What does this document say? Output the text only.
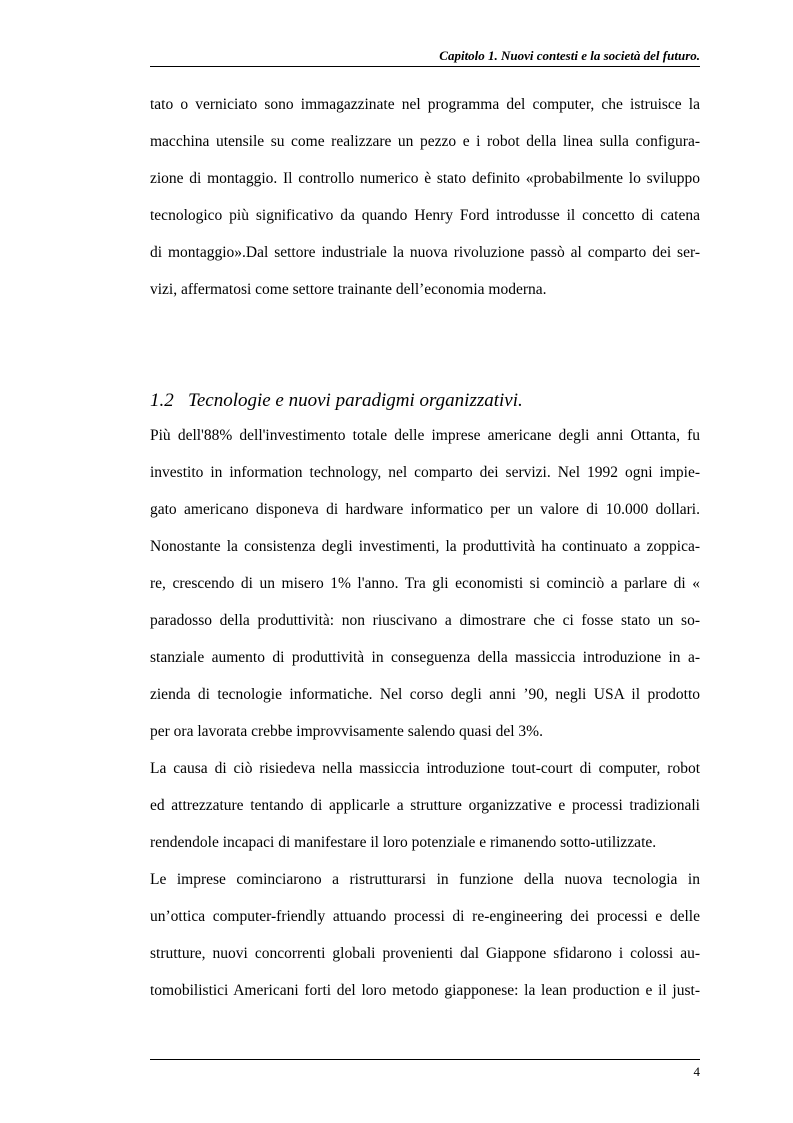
Capitolo 1. Nuovi contesti e la società del futuro.
tato o verniciato sono immagazzinate nel programma del computer, che istruisce la
macchina utensile su come realizzare un pezzo e i robot della linea sulla configura-
zione di montaggio. Il controllo numerico è stato definito «probabilmente lo sviluppo
tecnologico più significativo da quando Henry Ford introdusse il concetto di catena
di montaggio».Dal settore industriale la nuova rivoluzione passò al comparto dei ser-
vizi, affermatosi come settore trainante dell’economia moderna.
1.2 Tecnologie e nuovi paradigmi organizzativi.
Più dell'88% dell'investimento totale delle imprese americane degli anni Ottanta, fu
investito in information technology, nel comparto dei servizi. Nel 1992 ogni impie-
gato americano disponeva di hardware informatico per un valore di 10.000 dollari.
Nonostante la consistenza degli investimenti, la produttività ha continuato a zoppica-
re, crescendo di un misero 1% l'anno. Tra gli economisti si cominciò a parlare di «
paradosso della produttività: non riuscivano a dimostrare che ci fosse stato un so-
stanziale aumento di produttività in conseguenza della massiccia introduzione in a-
zienda di tecnologie informatiche. Nel corso degli anni ’90, negli USA il prodotto
per ora lavorata crebbe improvvisamente salendo quasi del 3%.
La causa di ciò risiedeva nella massiccia introduzione tout-court di computer, robot
ed attrezzature tentando di applicarle a strutture organizzative e processi tradizionali
rendendole incapaci di manifestare il loro potenziale e rimanendo sotto-utilizzate.
Le imprese cominciarono a ristrutturarsi in funzione della nuova tecnologia in
un’ottica computer-friendly attuando processi di re-engineering dei processi e delle
strutture, nuovi concorrenti globali provenienti dal Giappone sfidarono i colossi au-
tomobilistici Americani forti del loro metodo giapponese: la lean production e il just-
4
